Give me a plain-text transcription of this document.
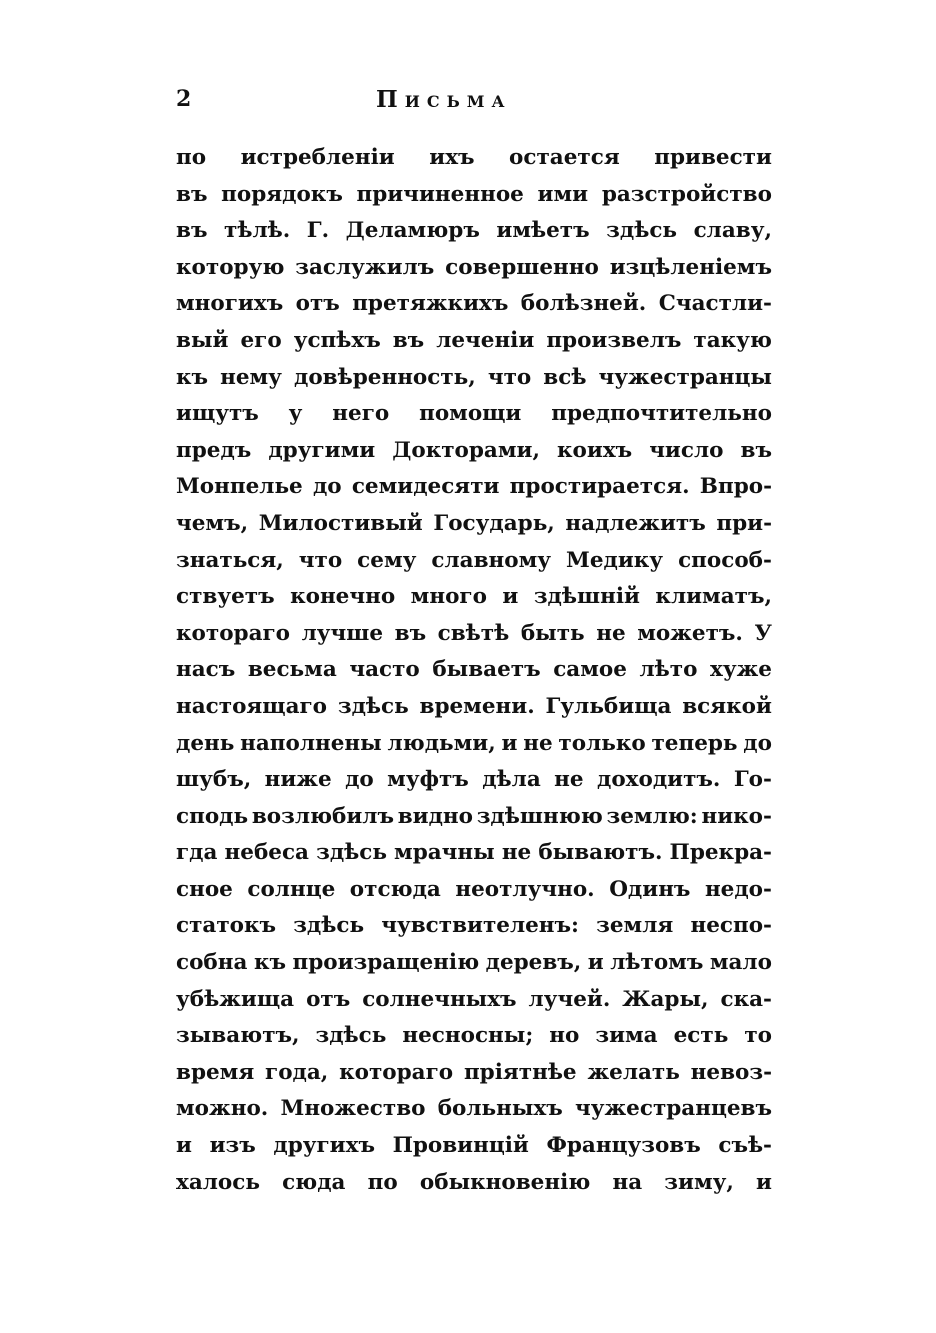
2	Письма
по истребленіи ихъ остается привести
въ порядокъ причиненное ими разстройство
въ тѣлѣ. Г. Деламюръ имѣетъ здѣсь славу,
которую заслужилъ совершенно изцѣленіемъ
многихъ отъ претяжкихъ болѣзней. Счастли-
вый его успѣхъ въ леченіи произвелъ такую
къ нему довѣренность, что всѣ чужестранцы
ищутъ у него помощи предпочтительно
предъ другими Докторами, коихъ число въ
Монпелье до семидесяти простирается. Впро-
чемъ, Милостивый Государь, надлежитъ при-
знаться, что сему славному Медику способ-
ствуетъ конечно много и здѣшній климатъ,
котораго лучше въ свѣтѣ быть не можетъ. У
насъ весьма часто бываетъ самое лѣто хуже
настоящаго здѣсь времени. Гульбища всякой
день наполнены людьми, и не только теперь до
шубъ, ниже до муфтъ дѣла не доходитъ. Го-
сподь возлюбилъ видно здѣшнюю землю: нико-
гда небеса здѣсь мрачны не бываютъ. Прекра-
сное солнце отсюда неотлучно. Одинъ недо-
статокъ здѣсь чувствителенъ: земля неспо-
собна къ произращенію деревъ, и лѣтомъ мало
убѣжища отъ солнечныхъ лучей. Жары, ска-
зываютъ, здѣсь несносны; но зима есть то
время года, котораго пріятнѣе желать невоз-
можно. Множество больныхъ чужестранцевъ
и изъ другихъ Провинцій Французовъ съѣ-
халось сюда по обыкновенію на зиму, и
